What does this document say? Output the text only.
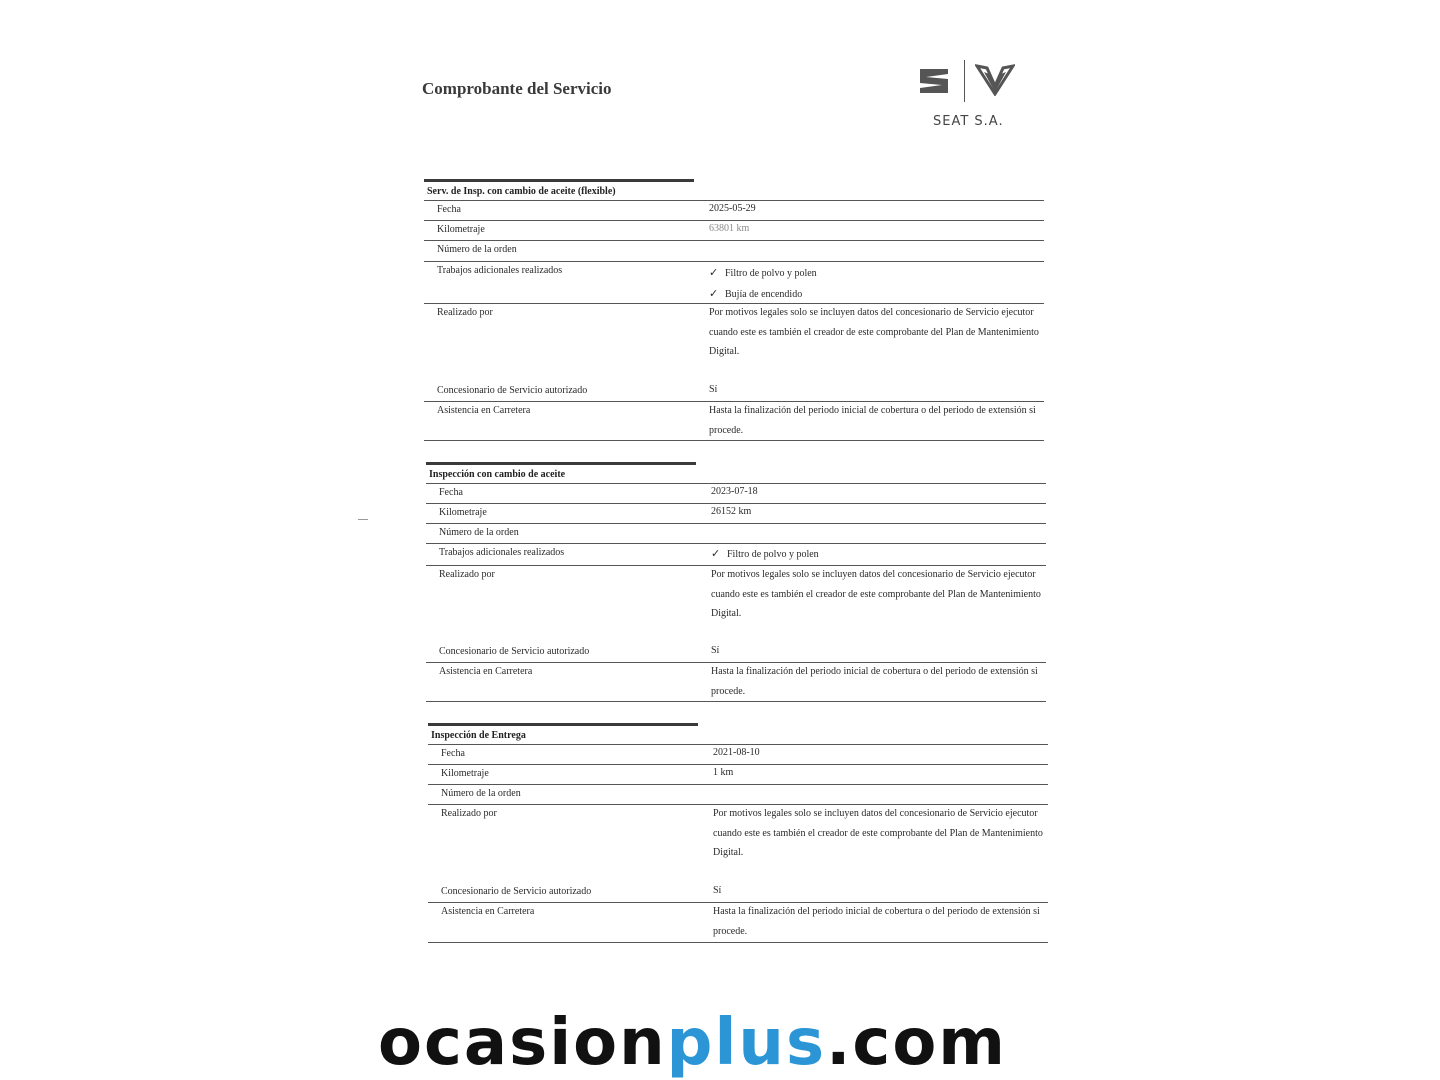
Comprobante del Servicio
SEAT S.A.
Serv. de Insp. con cambio de aceite (flexible)
Fecha	2025-05-29
Kilometraje	63801 km
Número de la orden
Trabajos adicionales realizados	✓ Filtro de polvo y polen
✓ Bujía de encendido
Realizado por	Por motivos legales solo se incluyen datos del concesionario de Servicio ejecutor cuando este es también el creador de este comprobante del Plan de Mantenimiento Digital.
Concesionario de Servicio autorizado	Sí
Asistencia en Carretera	Hasta la finalización del periodo inicial de cobertura o del periodo de extensión si procede.
Inspección con cambio de aceite
Fecha	2023-07-18
Kilometraje	26152 km
Número de la orden
Trabajos adicionales realizados	✓ Filtro de polvo y polen
Realizado por	Por motivos legales solo se incluyen datos del concesionario de Servicio ejecutor cuando este es también el creador de este comprobante del Plan de Mantenimiento Digital.
Concesionario de Servicio autorizado	Sí
Asistencia en Carretera	Hasta la finalización del periodo inicial de cobertura o del periodo de extensión si procede.
Inspección de Entrega
Fecha	2021-08-10
Kilometraje	1 km
Número de la orden
Realizado por	Por motivos legales solo se incluyen datos del concesionario de Servicio ejecutor cuando este es también el creador de este comprobante del Plan de Mantenimiento Digital.
Concesionario de Servicio autorizado	Sí
Asistencia en Carretera	Hasta la finalización del periodo inicial de cobertura o del periodo de extensión si procede.
ocasionplus.com
